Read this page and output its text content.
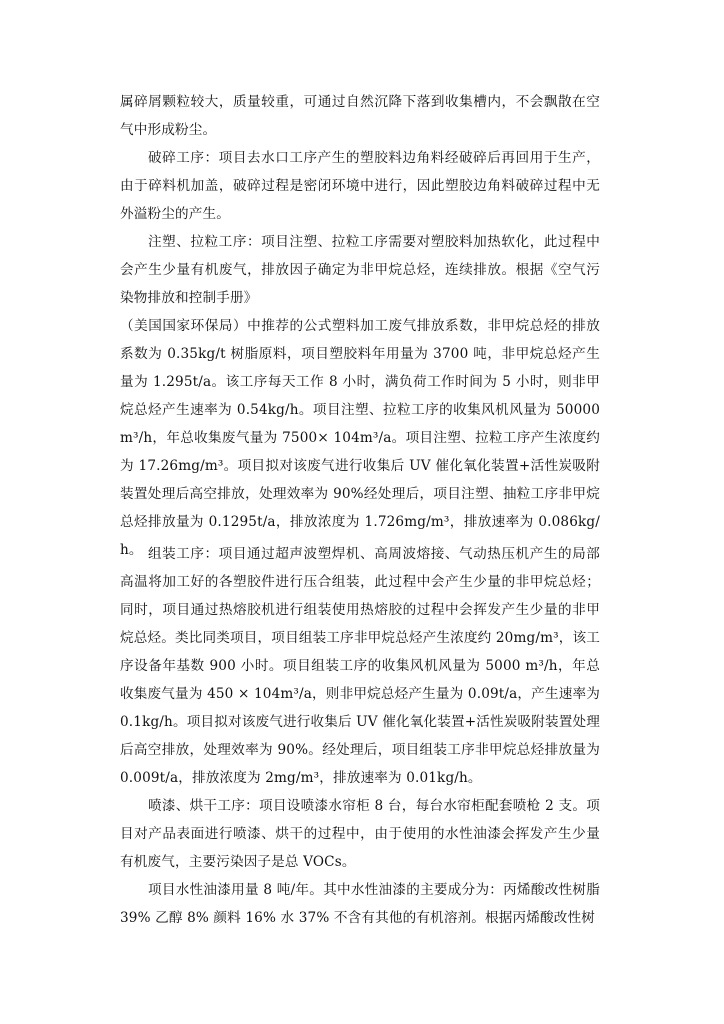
属碎屑颗粒较大，质量较重，可通过自然沉降下落到收集槽内，不会飘散在空气中形成粉尘。

破碎工序：项目去水口工序产生的塑胶料边角料经破碎后再回用于生产，由于碎料机加盖，破碎过程是密闭环境中进行，因此塑胶边角料破碎过程中无外溢粉尘的产生。

注塑、拉粒工序：项目注塑、拉粒工序需要对塑胶料加热软化，此过程中会产生少量有机废气，排放因子确定为非甲烷总烃，连续排放。根据《空气污染物排放和控制手册》

（美国国家环保局）中推荐的公式塑料加工废气排放系数，非甲烷总烃的排放系数为 0.35kg/t 树脂原料，项目塑胶料年用量为 3700 吨，非甲烷总烃产生量为 1.295t/a。该工序每天工作 8 小时，满负荷工作时间为 5 小时，则非甲烷总烃产生速率为 0.54kg/h。项目注塑、拉粒工序的收集风机风量为 50000 m³/h，年总收集废气量为 7500× 104m³/a。项目注塑、拉粒工序产生浓度约为 17.26mg/m³。项目拟对该废气进行收集后 UV 催化氧化装置+活性炭吸附装置处理后高空排放，处理效率为 90%经处理后，项目注塑、抽粒工序非甲烷总烃排放量为 0.1295t/a，排放浓度为 1.726mg/m³，排放速率为 0.086kg/h。 组装工序：项目通过超声波塑焊机、高周波熔接、气动热压机产生的局部高温将加工好的各塑胶件进行压合组装，此过程中会产生少量的非甲烷总烃；同时，项目通过热熔胶机进行组装使用热熔胶的过程中会挥发产生少量的非甲烷总烃。类比同类项目，项目组装工序非甲烷总烃产生浓度约 20mg/m³，该工序设备年基数 900 小时。项目组装工序的收集风机风量为 5000 m³/h，年总收集废气量为 450 × 104m³/a，则非甲烷总烃产生量为 0.09t/a，产生速率为 0.1kg/h。项目拟对该废气进行收集后 UV 催化氧化装置+活性炭吸附装置处理后高空排放，处理效率为 90%。经处理后，项目组装工序非甲烷总烃排放量为 0.009t/a，排放浓度为 2mg/m³，排放速率为 0.01kg/h。

喷漆、烘干工序：项目设喷漆水帘柜 8 台，每台水帘柜配套喷枪 2 支。项目对产品表面进行喷漆、烘干的过程中，由于使用的水性油漆会挥发产生少量有机废气，主要污染因子是总 VOCs。

项目水性油漆用量 8 吨/年。其中水性油漆的主要成分为：丙烯酸改性树脂 39% 乙醇 8% 颜料 16% 水 37% 不含有其他的有机溶剂。根据丙烯酸改性树
